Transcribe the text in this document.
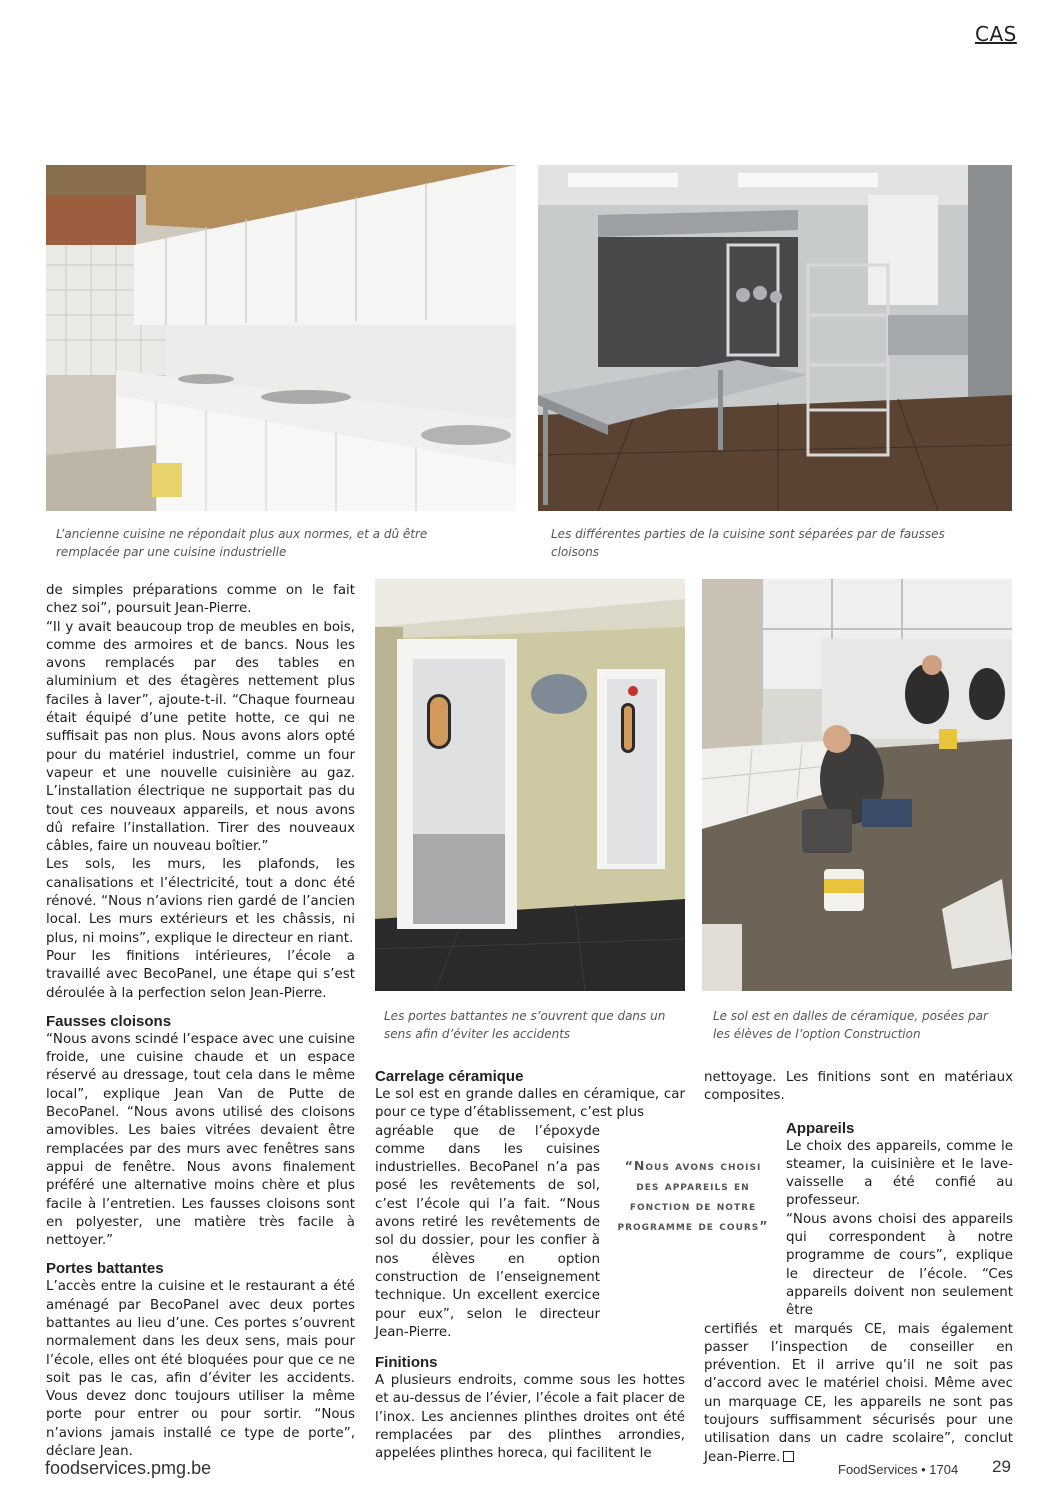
CAS
L’ancienne cuisine ne répondait plus aux normes, et a dû être remplacée par une cuisine industrielle
Les différentes parties de la cuisine sont séparées par de fausses cloisons
Les portes battantes ne s’ouvrent que dans un sens afin d’éviter les accidents
Le sol est en dalles de céramique, posées par les élèves de l’option Construction

de simples préparations comme on le fait chez soi”, poursuit Jean-Pierre.

“Il y avait beaucoup trop de meubles en bois, comme des armoires et de bancs. Nous les avons remplacés par des tables en aluminium et des étagères nettement plus faciles à laver”, ajoute-t-il. “Chaque fourneau était équipé d’une petite hotte, ce qui ne suffisait pas non plus. Nous avons alors opté pour du matériel industriel, comme un four vapeur et une nouvelle cuisinière au gaz. L’installation électrique ne supportait pas du tout ces nouveaux appareils, et nous avons dû refaire l’installation. Tirer des nouveaux câbles, faire un nouveau boîtier.”

Les sols, les murs, les plafonds, les canalisations et l’électricité, tout a donc été rénové. “Nous n’avions rien gardé de l’ancien local. Les murs extérieurs et les châssis, ni plus, ni moins”, explique le directeur en riant.

Pour les finitions intérieures, l’école a travaillé avec BecoPanel, une étape qui s’est déroulée à la perfection selon Jean-Pierre.

Fausses cloisons

“Nous avons scindé l’espace avec une cuisine froide, une cuisine chaude et un espace réservé au dressage, tout cela dans le même local”, explique Jean Van de Putte de BecoPanel. “Nous avons utilisé des cloisons amovibles. Les baies vitrées devaient être remplacées par des murs avec fenêtres sans appui de fenêtre. Nous avons finalement préféré une alternative moins chère et plus facile à l’entretien. Les fausses cloisons sont en polyester, une matière très facile à nettoyer.”

Portes battantes

L’accès entre la cuisine et le restaurant a été aménagé par BecoPanel avec deux portes battantes au lieu d’une. Ces portes s’ouvrent normalement dans les deux sens, mais pour l’école, elles ont été bloquées pour que ce ne soit pas le cas, afin d’éviter les accidents. Vous devez donc toujours utiliser la même porte pour entrer ou pour sortir. “Nous n’avions jamais installé ce type de porte”, déclare Jean.

Carrelage céramique

Le sol est en grande dalles en céramique, car pour ce type d’établissement, c’est plus

agréable que de l’époxyde comme dans les cuisines industrielles. BecoPanel n’a pas posé les revêtements de sol, c’est l’école qui l’a fait. “Nous avons retiré les revêtements de sol du dossier, pour les confier à nos élèves en option construction de l’enseignement technique. Un excellent exercice pour eux”, selon le directeur Jean-Pierre.

Finitions

A plusieurs endroits, comme sous les hottes et au-dessus de l’évier, l’école a fait placer de l’inox. Les anciennes plinthes droites ont été remplacées par des plinthes arrondies, appelées plinthes horeca, qui facilitent le

“Nous avons choisi des appareils en fonction de notre programme de cours”

nettoyage. Les finitions sont en matériaux composites.

Appareils

Le choix des appareils, comme le steamer, la cuisinière et le lave-vaisselle a été confié au professeur.

“Nous avons choisi des appareils qui correspondent à notre programme de cours”, explique le directeur de l’école. “Ces appareils doivent non seulement être

certifiés et marqués CE, mais également passer l’inspection de conseiller en prévention. Et il arrive qu’il ne soit pas d’accord avec le matériel choisi. Même avec un marquage CE, les appareils ne sont pas toujours suffisamment sécurisés pour une utilisation dans un cadre scolaire”, conclut Jean-Pierre.

foodservices.pmg.be	FoodServices • 1704 29
